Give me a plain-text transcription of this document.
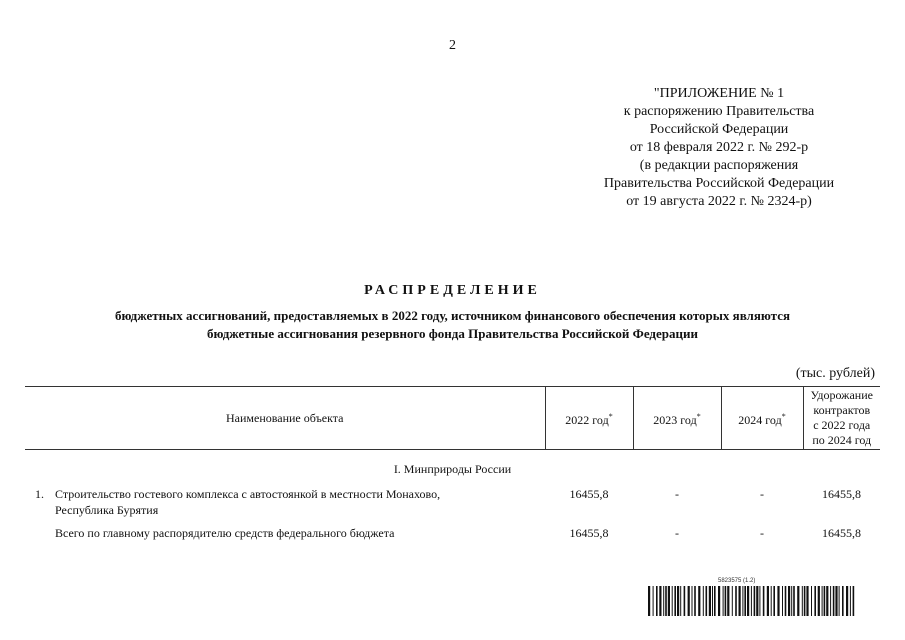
2
"ПРИЛОЖЕНИЕ № 1
к распоряжению Правительства
Российской Федерации
от 18 февраля 2022 г. № 292-р
(в редакции распоряжения
Правительства Российской Федерации
от 19 августа 2022 г. № 2324-р)
РАСПРЕДЕЛЕНИЕ
бюджетных ассигнований, предоставляемых в 2022 году, источником финансового обеспечения которых являются
бюджетные ассигнования резервного фонда Правительства Российской Федерации
(тыс. рублей)
Наименование объекта		2022 год*	2023 год*	2024 год*	Удорожание
контрактов
с 2022 года
по 2024 год

I. Минприроды России					
1.	Строительство гостевого комплекса с автостоянкой в местности Монахово,
Республика Бурятия	16455,8	-	-	16455,8
	Всего по главному распорядителю средств федерального бюджета	16455,8	-	-	16455,8
5823575 (1.2)
